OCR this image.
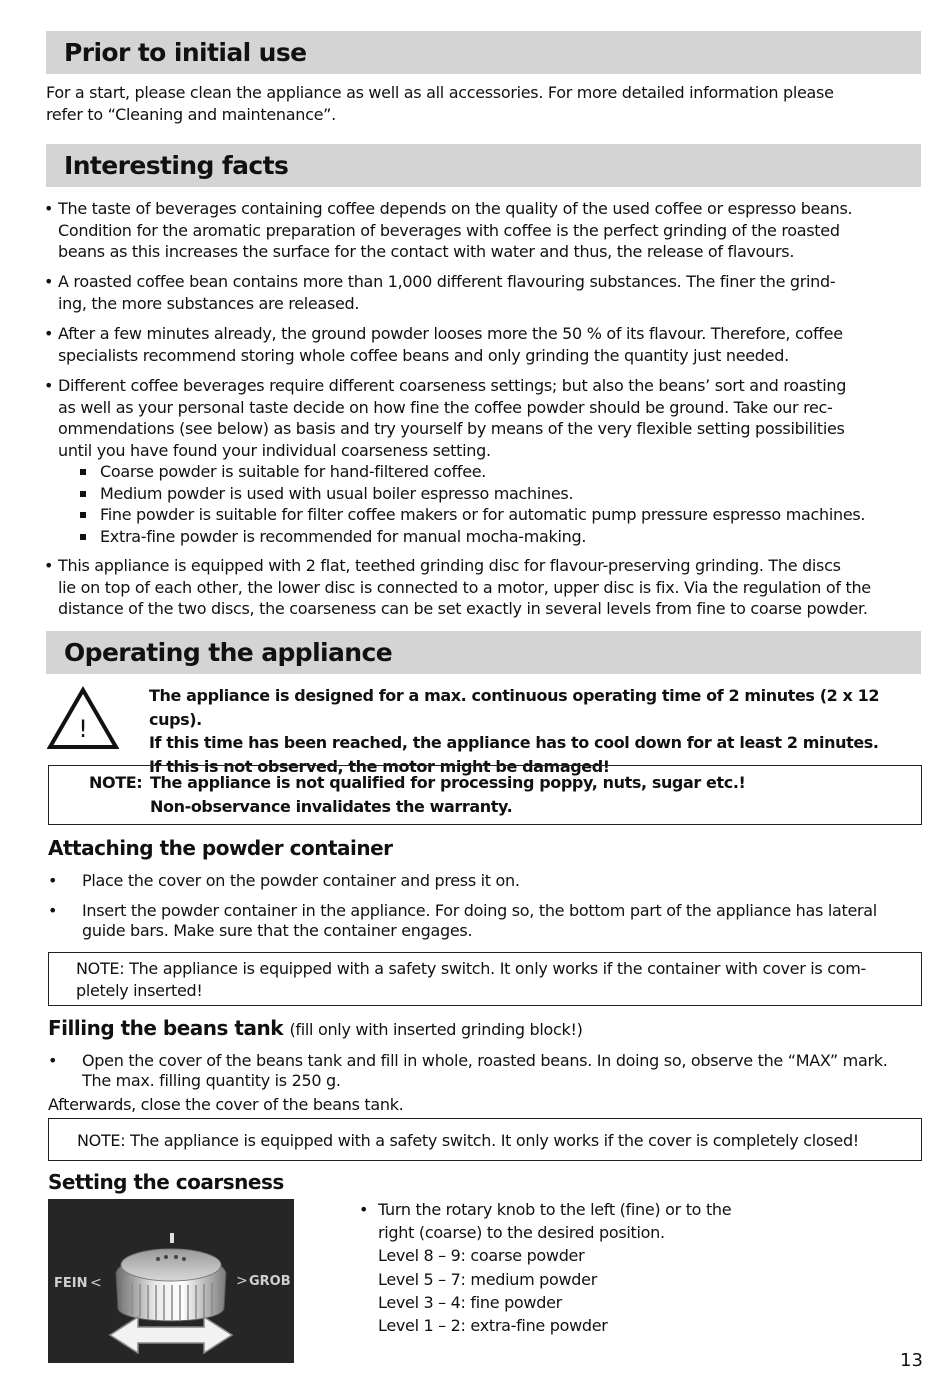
Prior to initial use
For a start, please clean the appliance as well as all accessories. For more detailed information please
refer to “Cleaning and maintenance”.
Interesting facts
• The taste of beverages containing coffee depends on the quality of the used coffee or espresso beans.
Condition for the aromatic preparation of beverages with coffee is the perfect grinding of the roasted
beans as this increases the surface for the contact with water and thus, the release of flavours.
• A roasted coffee bean contains more than 1,000 different flavouring substances. The finer the grind-
ing, the more substances are released.
• After a few minutes already, the ground powder looses more the 50 % of its flavour. Therefore, coffee
specialists recommend storing whole coffee beans and only grinding the quantity just needed.
• Different coffee beverages require different coarseness settings; but also the beans’ sort and roasting
as well as your personal taste decide on how fine the coffee powder should be ground. Take our rec-
ommendations (see below) as basis and try yourself by means of the very flexible setting possibilities
until you have found your individual coarseness setting.
Coarse powder is suitable for hand-filtered coffee.
Medium powder is used with usual boiler espresso machines.
Fine powder is suitable for filter coffee makers or for automatic pump pressure espresso machines.
Extra-fine powder is recommended for manual mocha-making.
• This appliance is equipped with 2 flat, teethed grinding disc for flavour-preserving grinding. The discs
lie on top of each other, the lower disc is connected to a motor, upper disc is fix. Via the regulation of the
distance of the two discs, the coarseness can be set exactly in several levels from fine to coarse powder.
Operating the appliance
!
The appliance is designed for a max. continuous operating time of 2 minutes (2 x 12 cups).
If this time has been reached, the appliance has to cool down for at least 2 minutes.
If this is not observed, the motor might be damaged!
NOTE: The appliance is not qualified for processing poppy, nuts, sugar etc.!
Non-observance invalidates the warranty.
Attaching the powder container
• Place the cover on the powder container and press it on.
• Insert the powder container in the appliance. For doing so, the bottom part of the appliance has lateral
guide bars. Make sure that the container engages.
NOTE: The appliance is equipped with a safety switch. It only works if the container with cover is com-
pletely inserted!
Filling the beans tank (fill only with inserted grinding block!)
• Open the cover of the beans tank and fill in whole, roasted beans. In doing so, observe the “MAX” mark.
The max. filling quantity is 250 g.
Afterwards, close the cover of the beans tank.
NOTE: The appliance is equipped with a safety switch. It only works if the cover is completely closed!
Setting the coarsness
FEIN <	> GROB
• Turn the rotary knob to the left (fine) or to the
right (coarse) to the desired position.
Level 8 – 9: coarse powder
Level 5 – 7: medium powder
Level 3 – 4: fine powder
Level 1 – 2: extra-fine powder
13
